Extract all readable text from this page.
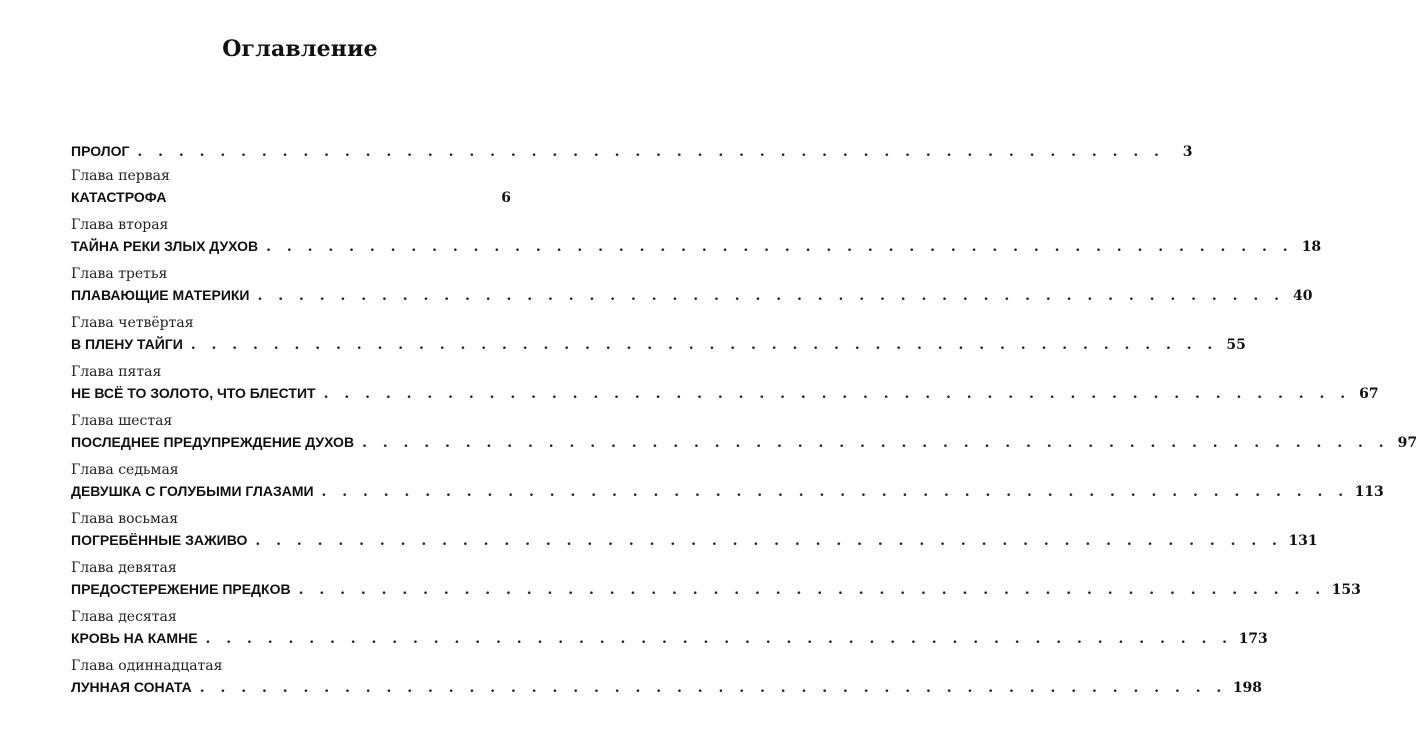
Оглавление
ПРОЛОГ . . . . . . . . . . . . . . . . . . . . . . . . . . . . . . . . . . . . . . . . . . . . . . . . . .	3
Глава первая
КАТАСТРОФА	6
Глава вторая
ТАЙНА РЕКИ ЗЛЫХ ДУХОВ . . . . . . . . . . . . . . . . . . . . . . . . . . . . . . . . . . . . . . . . . . . . . . . . . . 18
Глава третья
ПЛАВАЮЩИЕ МАТЕРИКИ . . . . . . . . . . . . . . . . . . . . . . . . . . . . . . . . . . . . . . . . . . . . . . . . . . 40
Глава четвёртая
В ПЛЕНУ ТАЙГИ . . . . . . . . . . . . . . . . . . . . . . . . . . . . . . . . . . . . . . . . . . . . . . . . . . 55
Глава пятая
НЕ ВСЁ ТО ЗОЛОТО, ЧТО БЛЕСТИТ . . . . . . . . . . . . . . . . . . . . . . . . . . . . . . . . . . . . . . . . . . . . . . . . . . 67
Глава шестая
ПОСЛЕДНЕЕ ПРЕДУПРЕЖДЕНИЕ ДУХОВ . . . . . . . . . . . . . . . . . . . . . . . . . . . . . . . . . . . . . . . . . . . . . . . . . . 97
Глава седьмая
ДЕВУШКА С ГОЛУБЫМИ ГЛАЗАМИ . . . . . . . . . . . . . . . . . . . . . . . . . . . . . . . . . . . . . . . . . . . . . . . . . . 113
Глава восьмая
ПОГРЕБЁННЫЕ ЗАЖИВО . . . . . . . . . . . . . . . . . . . . . . . . . . . . . . . . . . . . . . . . . . . . . . . . . . 131
Глава девятая
ПРЕДОСТЕРЕЖЕНИЕ ПРЕДКОВ . . . . . . . . . . . . . . . . . . . . . . . . . . . . . . . . . . . . . . . . . . . . . . . . . . 153
Глава десятая
КРОВЬ НА КАМНЕ . . . . . . . . . . . . . . . . . . . . . . . . . . . . . . . . . . . . . . . . . . . . . . . . . . 173
Глава одиннадцатая
ЛУННАЯ СОНАТА . . . . . . . . . . . . . . . . . . . . . . . . . . . . . . . . . . . . . . . . . . . . . . . . . . 198
